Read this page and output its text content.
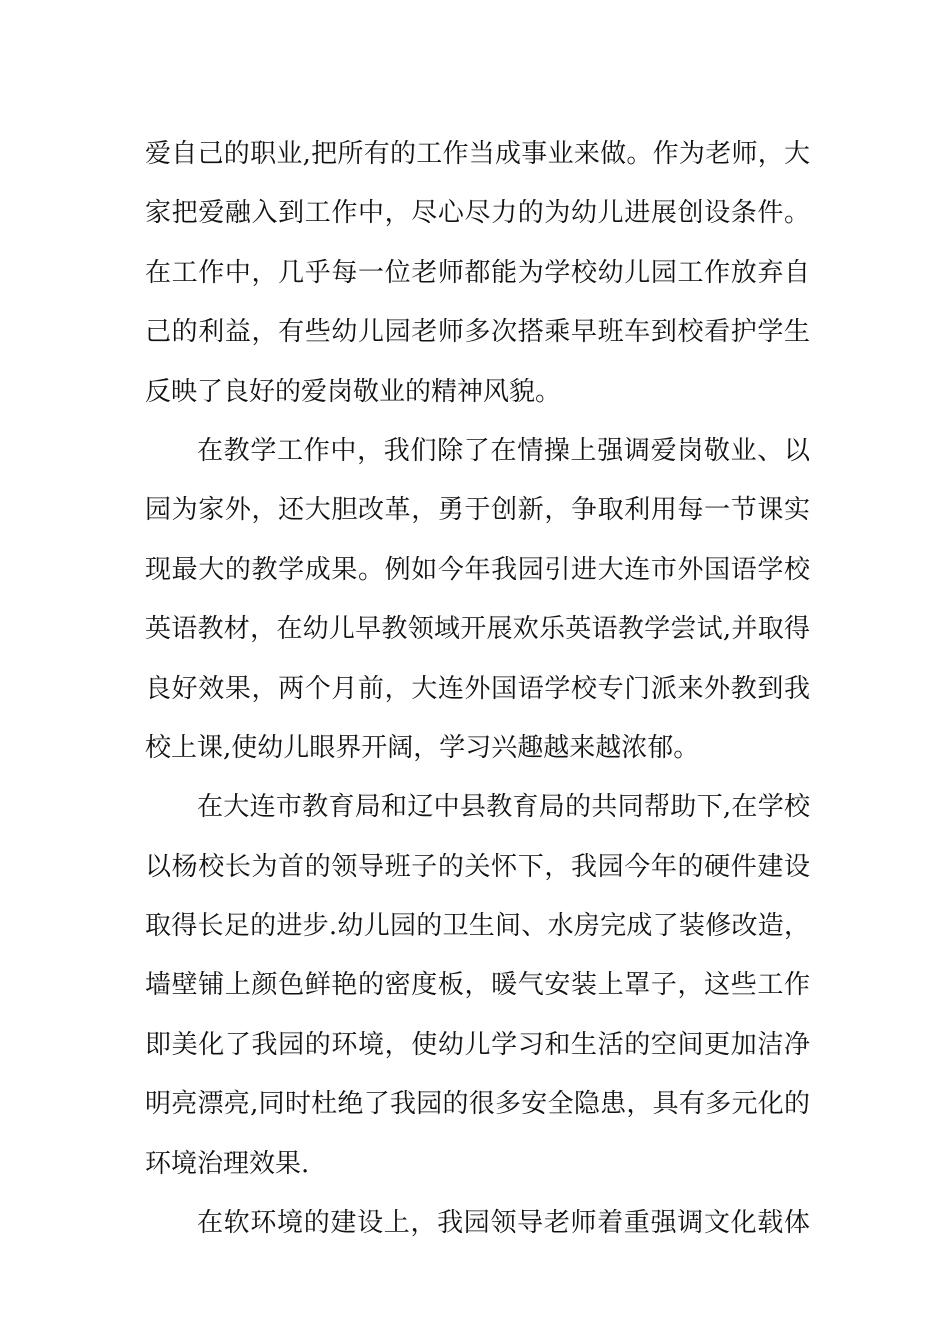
爱自己的职业,把所有的工作当成事业来做。作为老师，大
家把爱融入到工作中，尽心尽力的为幼儿进展创设条件。
在工作中，几乎每一位老师都能为学校幼儿园工作放弃自
己的利益，有些幼儿园老师多次搭乘早班车到校看护学生
反映了良好的爱岗敬业的精神风貌。
在教学工作中，我们除了在情操上强调爱岗敬业、以
园为家外，还大胆改革，勇于创新，争取利用每一节课实
现最大的教学成果。例如今年我园引进大连市外国语学校
英语教材，在幼儿早教领域开展欢乐英语教学尝试,并取得
良好效果，两个月前，大连外国语学校专门派来外教到我
校上课,使幼儿眼界开阔，学习兴趣越来越浓郁。
在大连市教育局和辽中县教育局的共同帮助下,在学校
以杨校长为首的领导班子的关怀下，我园今年的硬件建设
取得长足的进步.幼儿园的卫生间、水房完成了装修改造，
墙壁铺上颜色鲜艳的密度板，暖气安装上罩子，这些工作
即美化了我园的环境，使幼儿学习和生活的空间更加洁净
明亮漂亮,同时杜绝了我园的很多安全隐患，具有多元化的
环境治理效果.
在软环境的建设上，我园领导老师着重强调文化载体
